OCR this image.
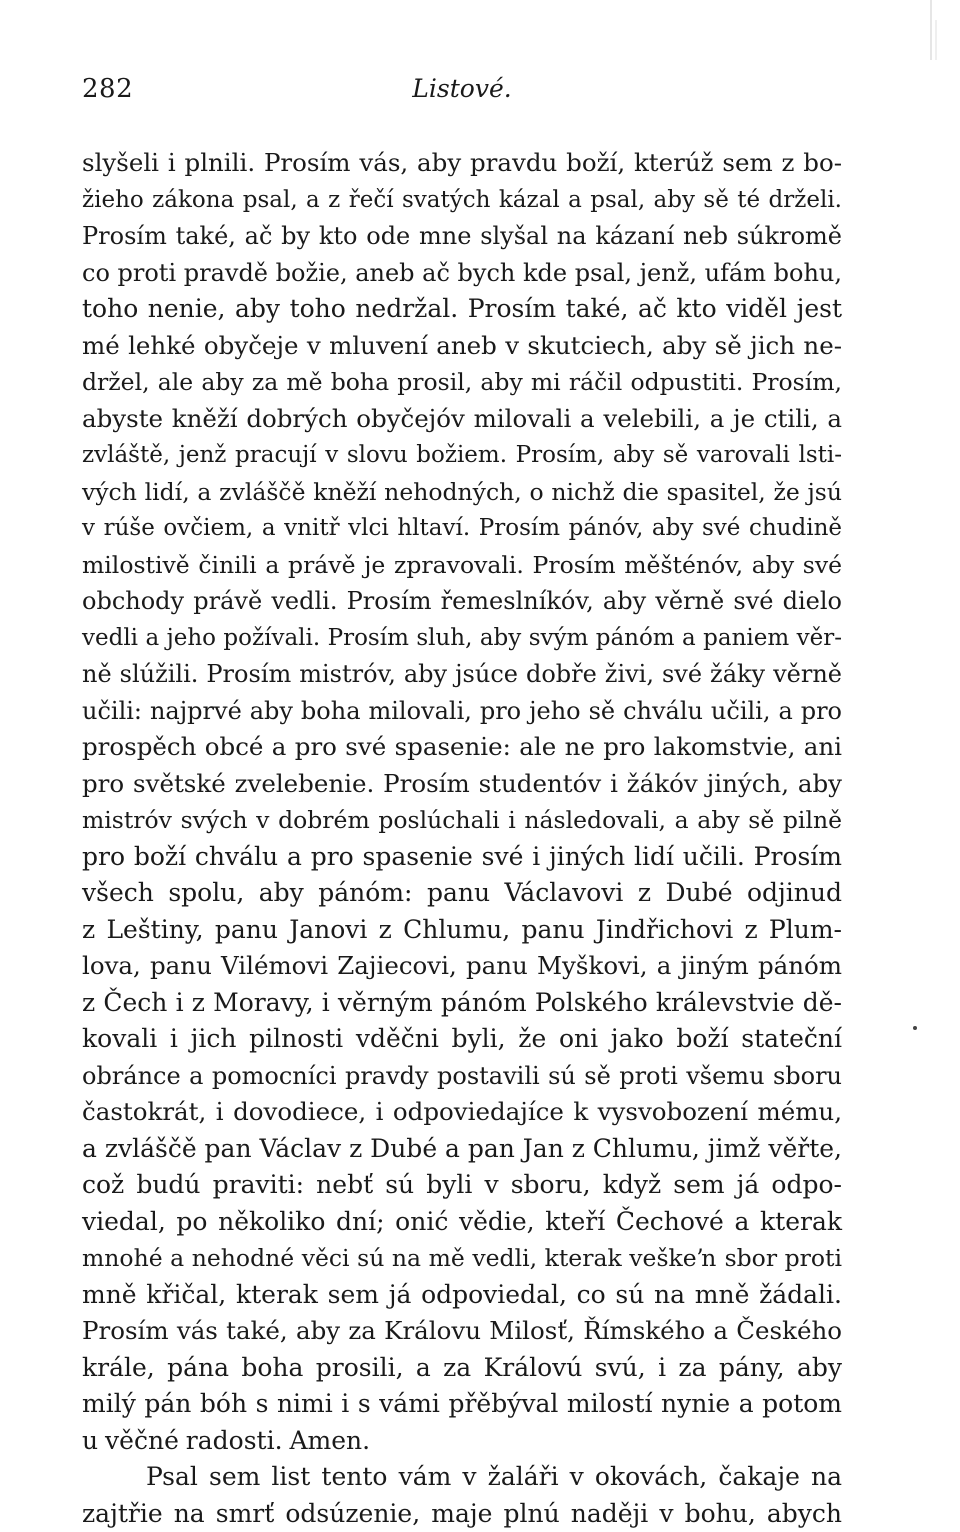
282	Listové.
slyšeli i plnili. Prosím vás, aby pravdu boží, kterúž sem z bo-
žieho zákona psal, a z řečí svatých kázal a psal, aby sě té drželi.
Prosím také, ač by kto ode mne slyšal na kázaní neb súkromě
co proti pravdě božie, aneb ač bych kde psal, jenž, ufám bohu,
toho nenie, aby toho nedržal. Prosím také, ač kto viděl jest
mé lehké obyčeje v mluvení aneb v skutciech, aby sě jich ne-
držel, ale aby za mě boha prosil, aby mi ráčil odpustiti. Prosím,
abyste kněží dobrých obyčejóv milovali a velebili, a je ctili, a
zvláště, jenž pracují v slovu božiem. Prosím, aby sě varovali lsti-
vých lidí, a zvláščě kněží nehodných, o nichž die spasitel, že jsú
v rúše ovčiem, a vnitř vlci hltaví. Prosím pánóv, aby své chudině
milostivě činili a právě je zpravovali. Prosím měšténóv, aby své
obchody právě vedli. Prosím řemeslníkóv, aby věrně své dielo
vedli a jeho požívali. Prosím sluh, aby svým pánóm a paniem věr-
ně slúžili. Prosím mistróv, aby jsúce dobře živi, své žáky věrně
učili: najprvé aby boha milovali, pro jeho sě chválu učili, a pro
prospěch obcé a pro své spasenie: ale ne pro lakomstvie, ani
pro světské zvelebenie. Prosím studentóv i žákóv jiných, aby
mistróv svých v dobrém poslúchali i následovali, a aby sě pilně
pro boží chválu a pro spasenie své i jiných lidí učili. Prosím
všech spolu, aby pánóm: panu Václavovi z Dubé odjinud
z Leštiny, panu Janovi z Chlumu, panu Jindřichovi z Plum-
lova, panu Vilémovi Zajiecovi, panu Myškovi, a jiným pánóm
z Čech i z Moravy, i věrným pánóm Polského králevstvie dě-
kovali i jich pilnosti vděčni byli, že oni jako boží stateční
obránce a pomocníci pravdy postavili sú sě proti všemu sboru
častokrát, i dovodiece, i odpoviedajíce k vysvobození mému,
a zvláščě pan Václav z Dubé a pan Jan z Chlumu, jimž věřte,
což budú praviti: nebť sú byli v sboru, když sem já odpo-
viedal, po několiko dní; onić vědie, kteří Čechové a kterak
mnohé a nehodné věci sú na mě vedli, kterak veškeŉ sbor proti
mně křičal, kterak sem já odpoviedal, co sú na mně žádali.
Prosím vás také, aby za Královu Milosť, Římského a Českého
krále, pána boha prosili, a za Královú svú, i za pány, aby
milý pán bóh s nimi i s vámi přěbýval milostí nynie a potom
u věčné radosti. Amen.
Psal sem list tento vám v žaláři v okovách, čakaje na
zajtřie na smrť odsúzenie, maje plnú naději v bohu, abych
